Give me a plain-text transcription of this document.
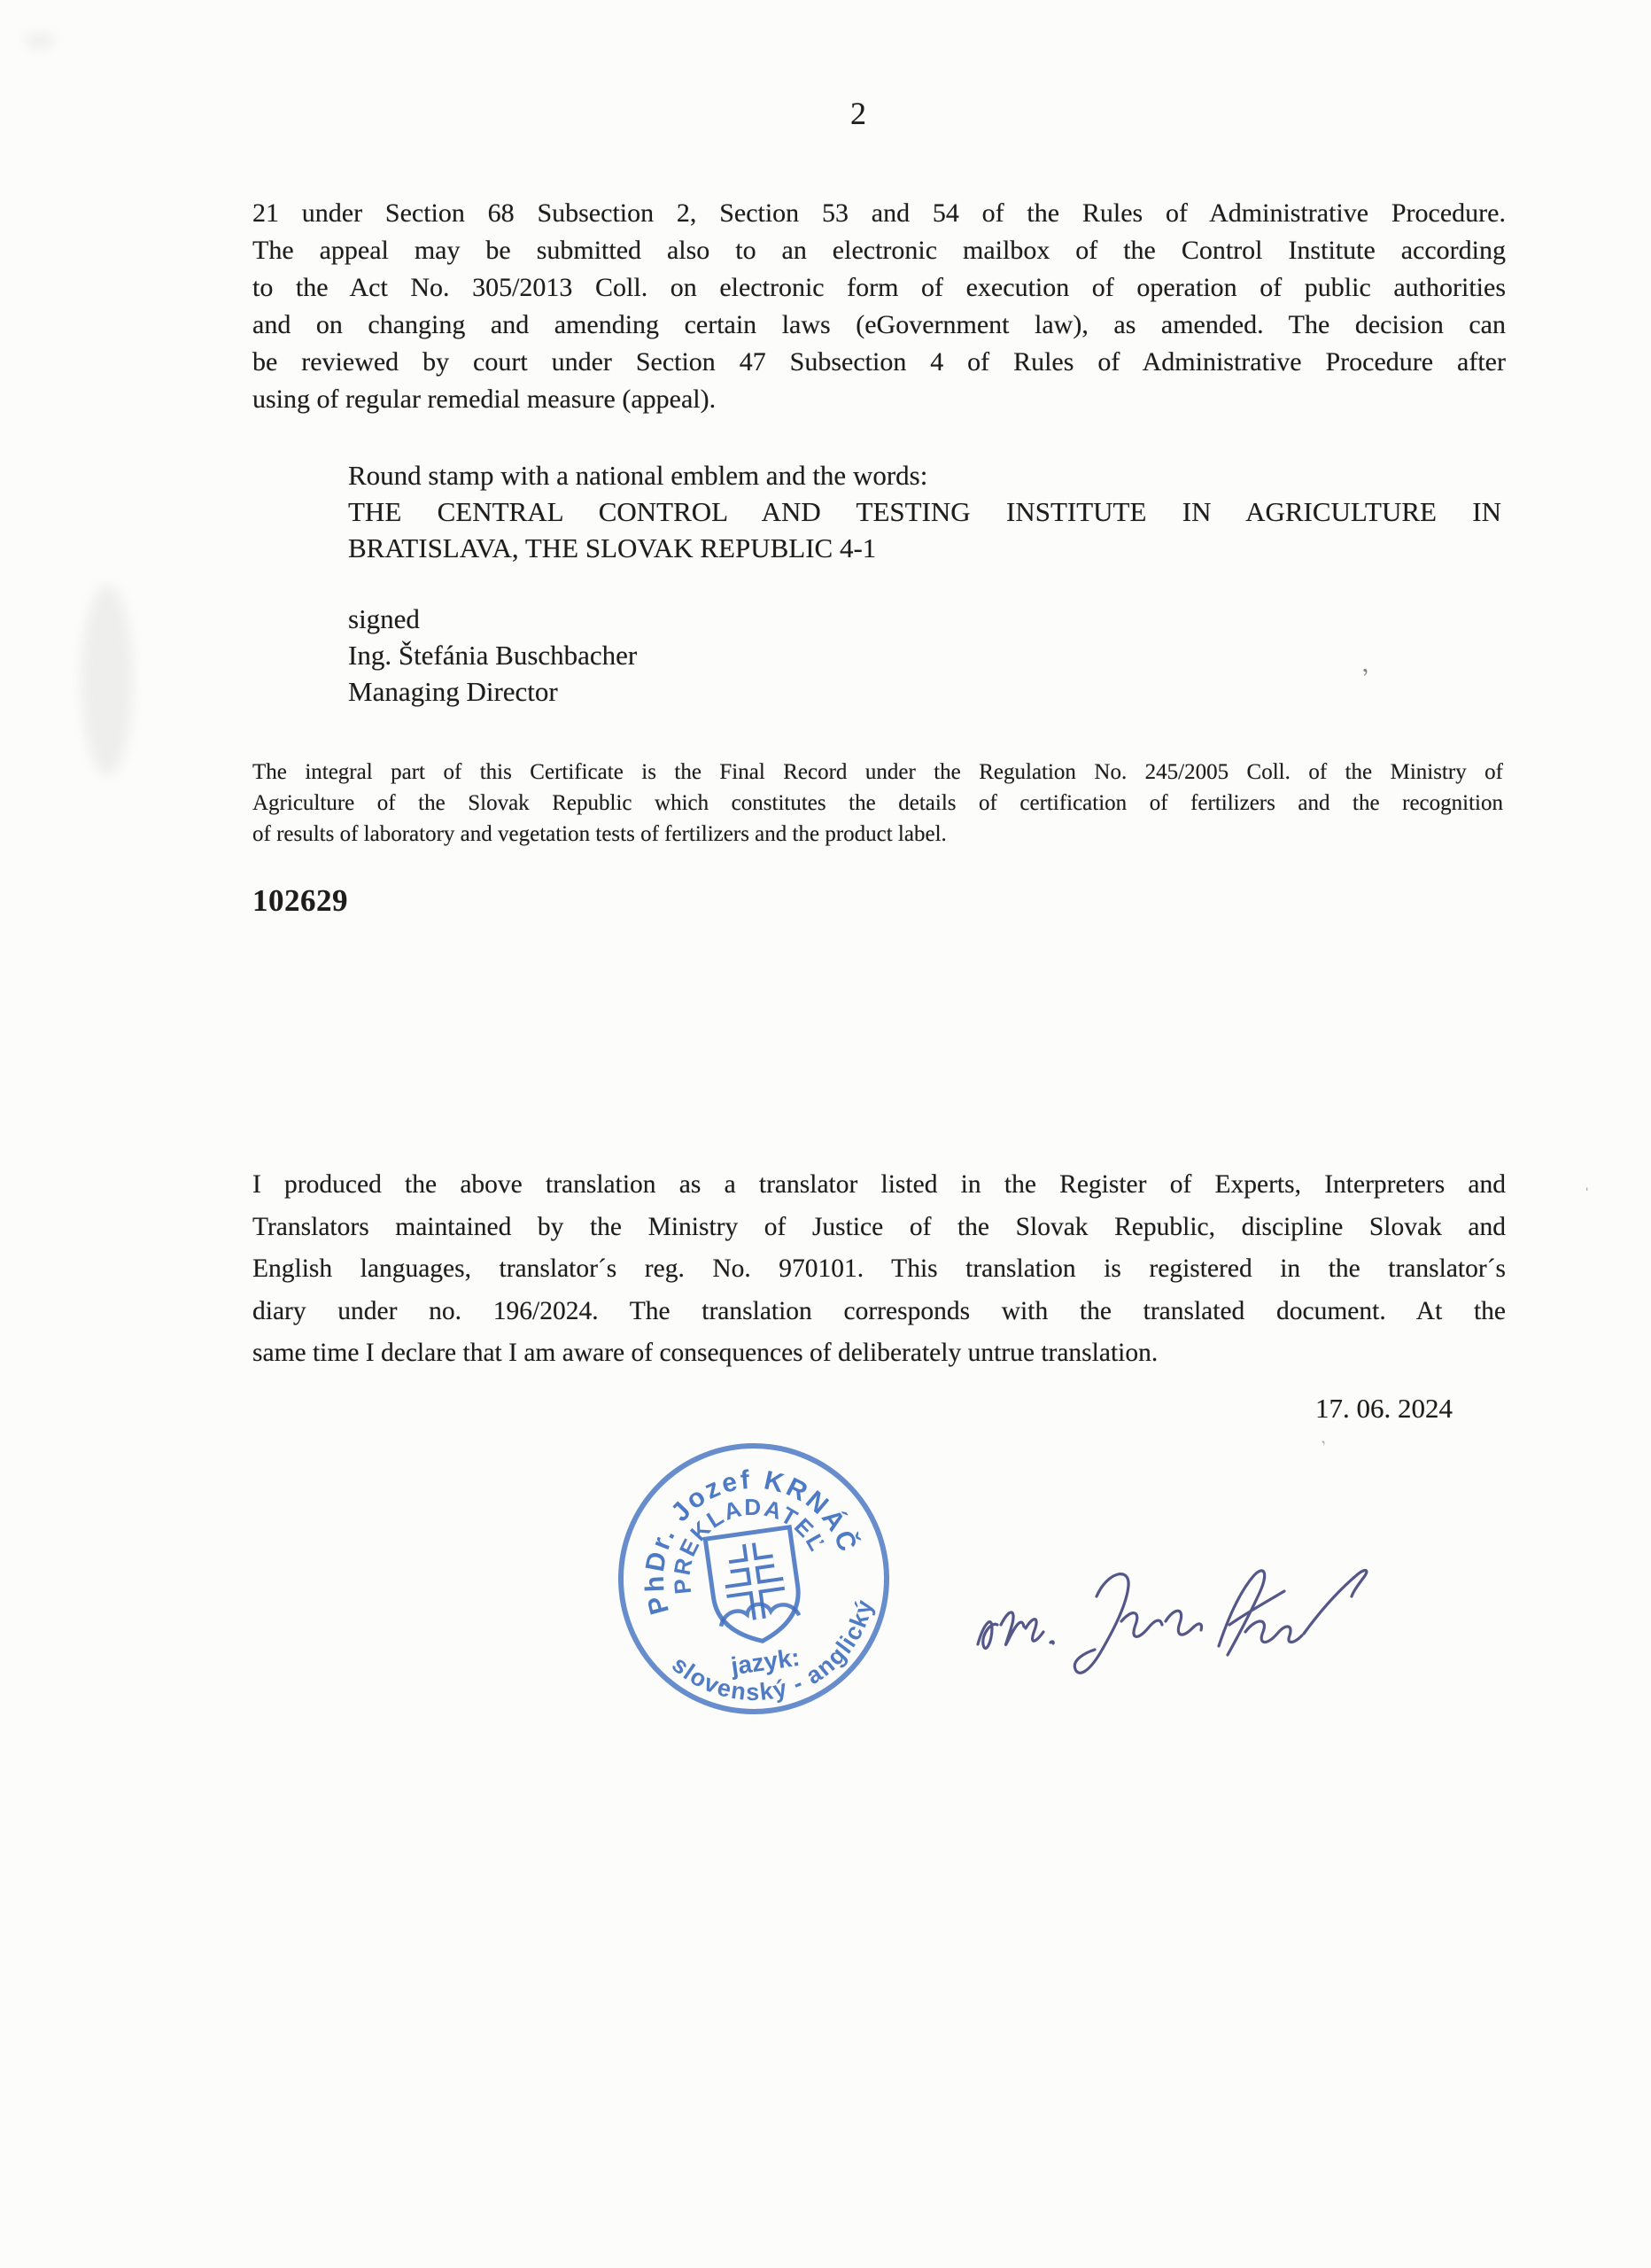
2
21 under Section 68 Subsection 2, Section 53 and 54 of the Rules of Administrative Procedure.
The appeal may be submitted also to an electronic mailbox of the Control Institute according
to the Act No. 305/2013 Coll. on electronic form of execution of operation of public authorities
and on changing and amending certain laws (eGovernment law), as amended. The decision can
be reviewed by court under Section 47 Subsection 4 of Rules of Administrative Procedure after
using of regular remedial measure (appeal).
Round stamp with a national emblem and the words:
THE CENTRAL CONTROL AND TESTING INSTITUTE IN AGRICULTURE IN
BRATISLAVA, THE SLOVAK REPUBLIC 4-1
signed
Ing. Štefánia Buschbacher
Managing Director
The integral part of this Certificate is the Final Record under the Regulation No. 245/2005 Coll. of the Ministry of
Agriculture of the Slovak Republic which constitutes the details of certification of fertilizers and the recognition
of results of laboratory and vegetation tests of fertilizers and the product label.
102629
I produced the above translation as a translator listed in the Register of Experts, Interpreters and
Translators maintained by the Ministry of Justice of the Slovak Republic, discipline Slovak and
English languages, translator´s reg. No. 970101. This translation is registered in the translator´s
diary under no. 196/2024. The translation corresponds with the translated document. At the
same time I declare that I am aware of consequences of deliberately untrue translation.
17. 06. 2024
PhDr. Jozef KRNÁČ
PREKLADATEĽ
slovenský - anglický
jazyk:
,
ˈ
,
